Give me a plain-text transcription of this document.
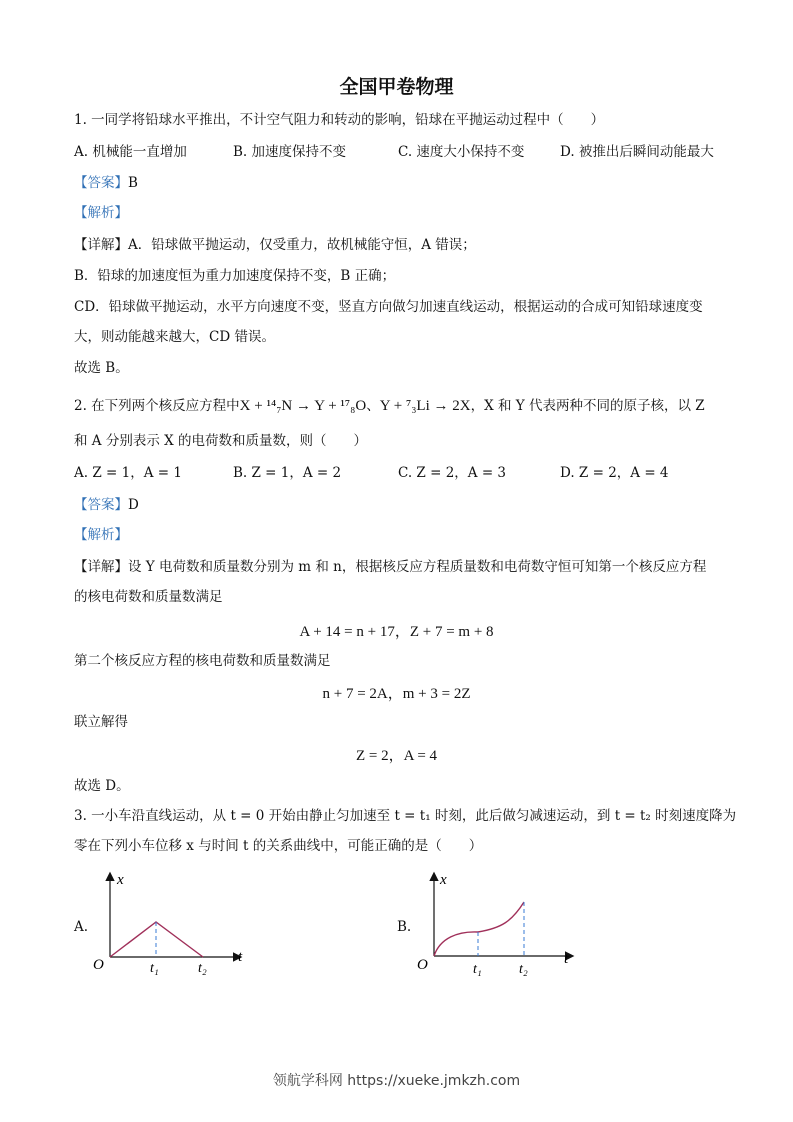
全国甲卷物理
1. 一同学将铅球水平推出，不计空气阻力和转动的影响，铅球在平抛运动过程中（　　）
A. 机械能一直增加	B. 加速度保持不变	C. 速度大小保持不变	D. 被推出后瞬间动能最大
【答案】B
【解析】
【详解】A．铅球做平抛运动，仅受重力，故机械能守恒，A 错误；
B．铅球的加速度恒为重力加速度保持不变，B 正确；
CD．铅球做平抛运动，水平方向速度不变，竖直方向做匀加速直线运动，根据运动的合成可知铅球速度变
大，则动能越来越大，CD 错误。
故选 B。
2. 在下列两个核反应方程中X + ¹⁴₇N → Y + ¹⁷₈O、Y + ⁷₃Li → 2X，X 和 Y 代表两种不同的原子核，以 Z
和 A 分别表示 X 的电荷数和质量数，则（　　）
A. Z = 1，A = 1	B. Z = 1，A = 2	C. Z = 2，A = 3	D. Z = 2，A = 4
【答案】D
【解析】
【详解】设 Y 电荷数和质量数分别为 m 和 n，根据核反应方程质量数和电荷数守恒可知第一个核反应方程
的核电荷数和质量数满足
A + 14 = n + 17，Z + 7 = m + 8
第二个核反应方程的核电荷数和质量数满足
n + 7 = 2A，m + 3 = 2Z
联立解得
Z = 2，A = 4
故选 D。
3. 一小车沿直线运动，从 t = 0 开始由静止匀加速至 t = t₁ 时刻，此后做匀减速运动，到 t = t₂ 时刻速度降为
零在下列小车位移 x 与时间 t 的关系曲线中，可能正确的是（　　）
A.
x
t
O	t₁	t₂
B.
x
t
O	t₁	t₂
领航学科网 https://xueke.jmkzh.com
